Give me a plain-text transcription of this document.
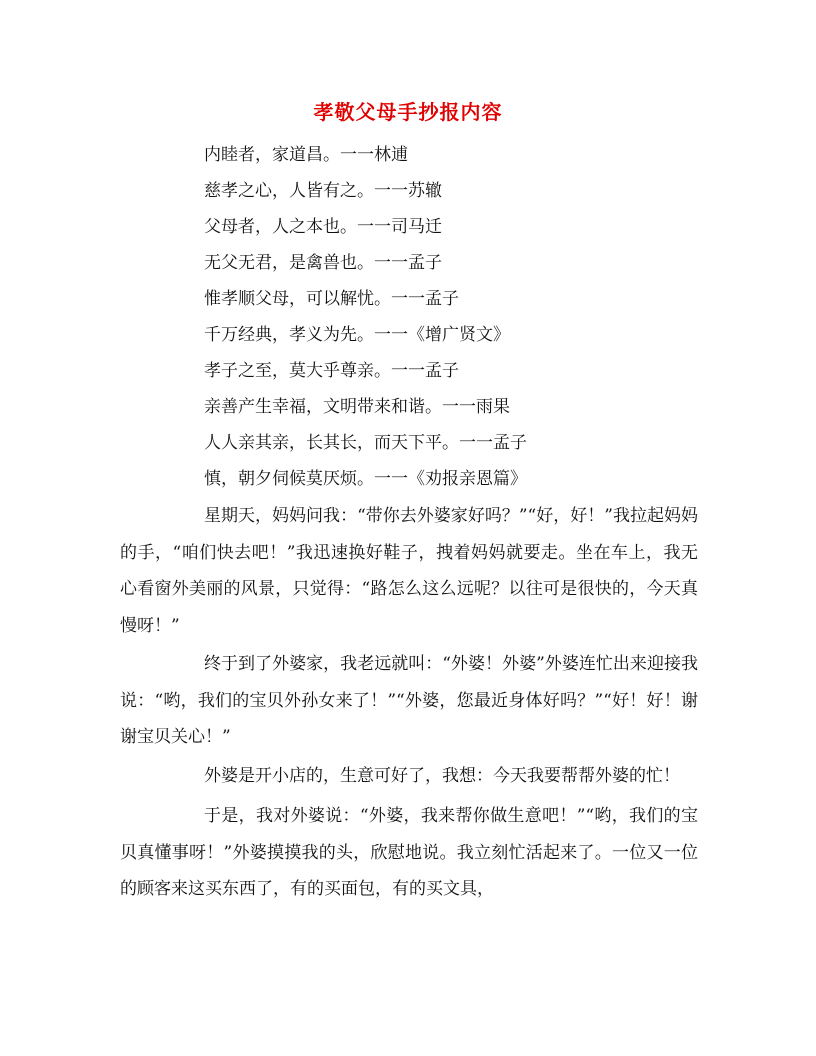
孝敬父母手抄报内容
内睦者，家道昌。一一林逋
慈孝之心，人皆有之。一一苏辙
父母者，人之本也。一一司马迁
无父无君，是禽兽也。一一孟子
惟孝顺父母，可以解忧。一一孟子
千万经典，孝义为先。一一《增广贤文》
孝子之至，莫大乎尊亲。一一孟子
亲善产生幸福，文明带来和谐。一一雨果
人人亲其亲，长其长，而天下平。一一孟子
慎，朝夕伺候莫厌烦。一一《劝报亲恩篇》

星期天，妈妈问我：“带你去外婆家好吗？”“好，好！”我拉起妈妈的手，“咱们快去吧！”我迅速换好鞋子，拽着妈妈就要走。坐在车上，我无心看窗外美丽的风景，只觉得：“路怎么这么远呢？以往可是很快的，今天真慢呀！”

终于到了外婆家，我老远就叫：“外婆！外婆”外婆连忙出来迎接我说：“哟，我们的宝贝外孙女来了！”“外婆，您最近身体好吗？”“好！好！谢谢宝贝关心！”

外婆是开小店的，生意可好了，我想：今天我要帮帮外婆的忙！

于是，我对外婆说：“外婆，我来帮你做生意吧！”“哟，我们的宝贝真懂事呀！”外婆摸摸我的头，欣慰地说。我立刻忙活起来了。一位又一位的顾客来这买东西了，有的买面包，有的买文具，
